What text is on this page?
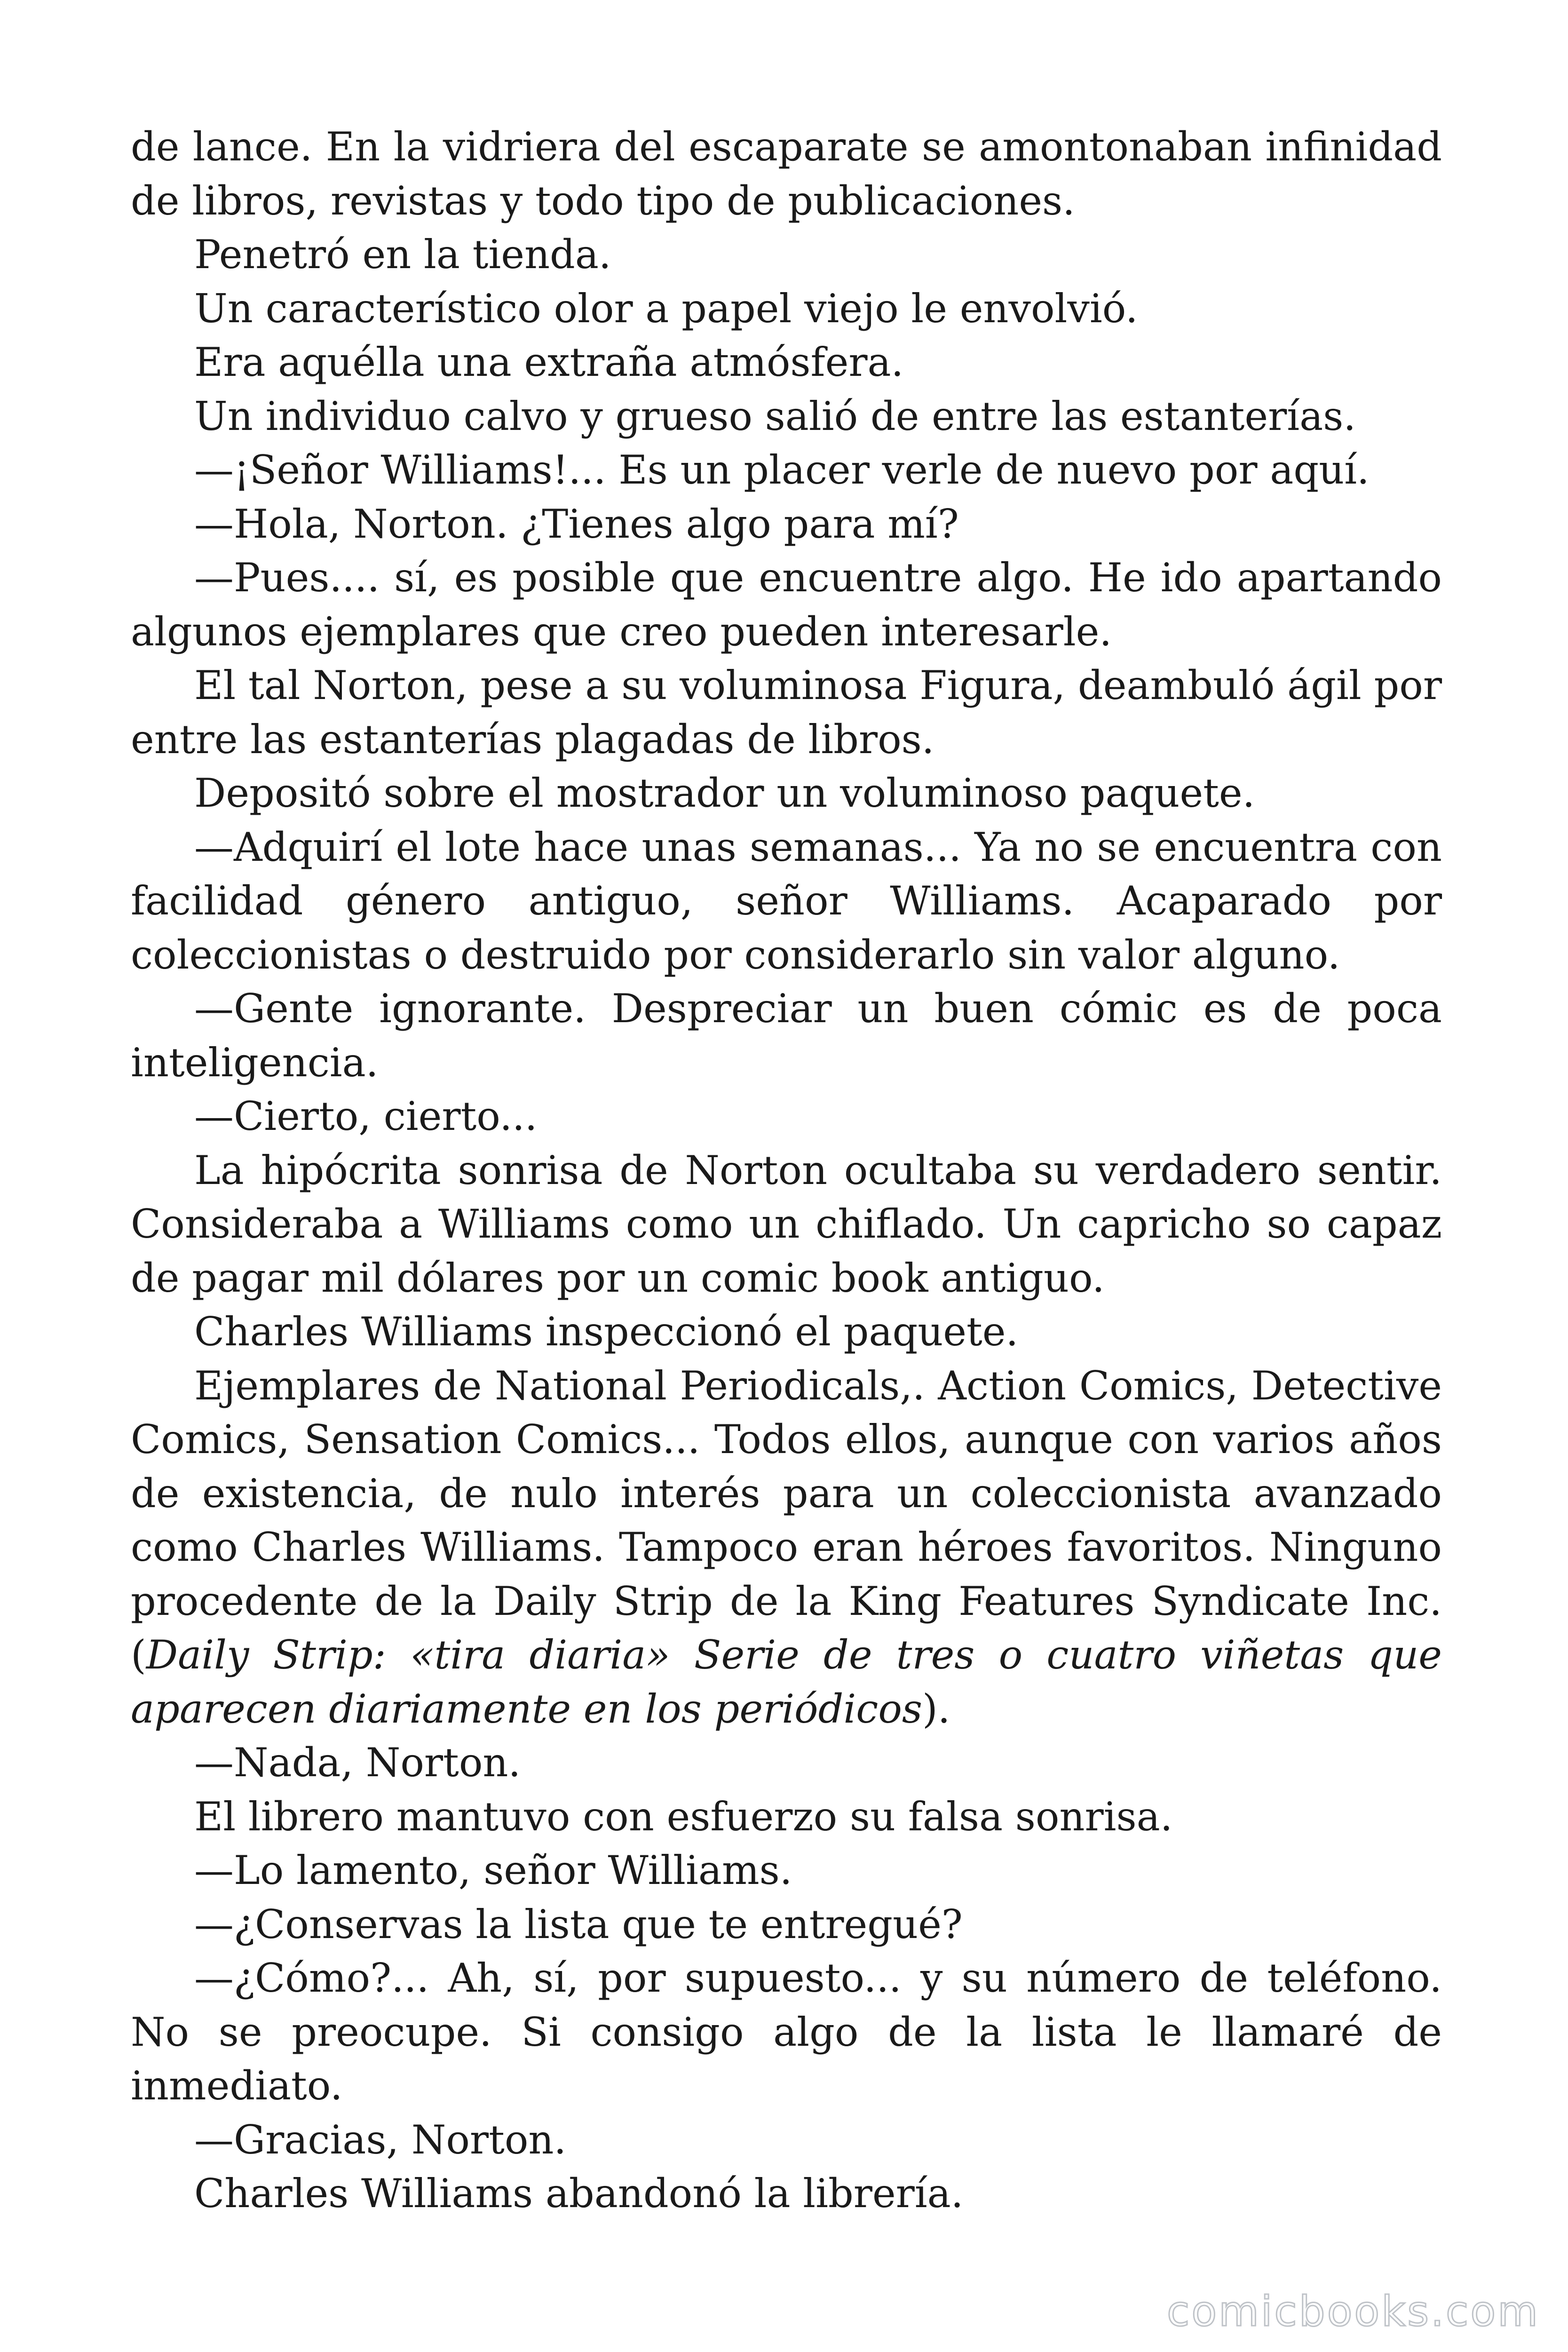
de lance. En la vidriera del escaparate se amontonaban infinidad de libros, revistas y todo tipo de publicaciones.

Penetró en la tienda.

Un característico olor a papel viejo le envolvió.

Era aquélla una extraña atmósfera.

Un individuo calvo y grueso salió de entre las estanterías.

—¡Señor Williams!... Es un placer verle de nuevo por aquí.

—Hola, Norton. ¿Tienes algo para mí?

—Pues.... sí, es posible que encuentre algo. He ido apartando algunos ejemplares que creo pueden interesarle.

El tal Norton, pese a su voluminosa Figura, deambuló ágil por entre las estanterías plagadas de libros.

Depositó sobre el mostrador un voluminoso paquete.

—Adquirí el lote hace unas semanas... Ya no se encuentra con facilidad género antiguo, señor Williams. Acaparado por coleccionistas o destruido por considerarlo sin valor alguno.

—Gente ignorante. Despreciar un buen cómic es de poca inteligencia.

—Cierto, cierto...

La hipócrita sonrisa de Norton ocultaba su verdadero sentir. Consideraba a Williams como un chiflado. Un capricho so capaz de pagar mil dólares por un comic book antiguo.

Charles Williams inspeccionó el paquete.

Ejemplares de National Periodicals,. Action Comics, Detective Comics, Sensation Comics... Todos ellos, aunque con varios años de existencia, de nulo interés para un coleccionista avanzado como Charles Williams. Tampoco eran héroes favoritos. Ninguno procedente de la Daily Strip de la King Features Syndicate Inc. (Daily Strip: «tira diaria» Serie de tres o cuatro viñetas que aparecen diariamente en los periódicos).

—Nada, Norton.

El librero mantuvo con esfuerzo su falsa sonrisa.

—Lo lamento, señor Williams.

—¿Conservas la lista que te entregué?

—¿Cómo?... Ah, sí, por supuesto... y su número de teléfono. No se preocupe. Si consigo algo de la lista le llamaré de inmediato.

—Gracias, Norton.

Charles Williams abandonó la librería.

comicbooks.com
